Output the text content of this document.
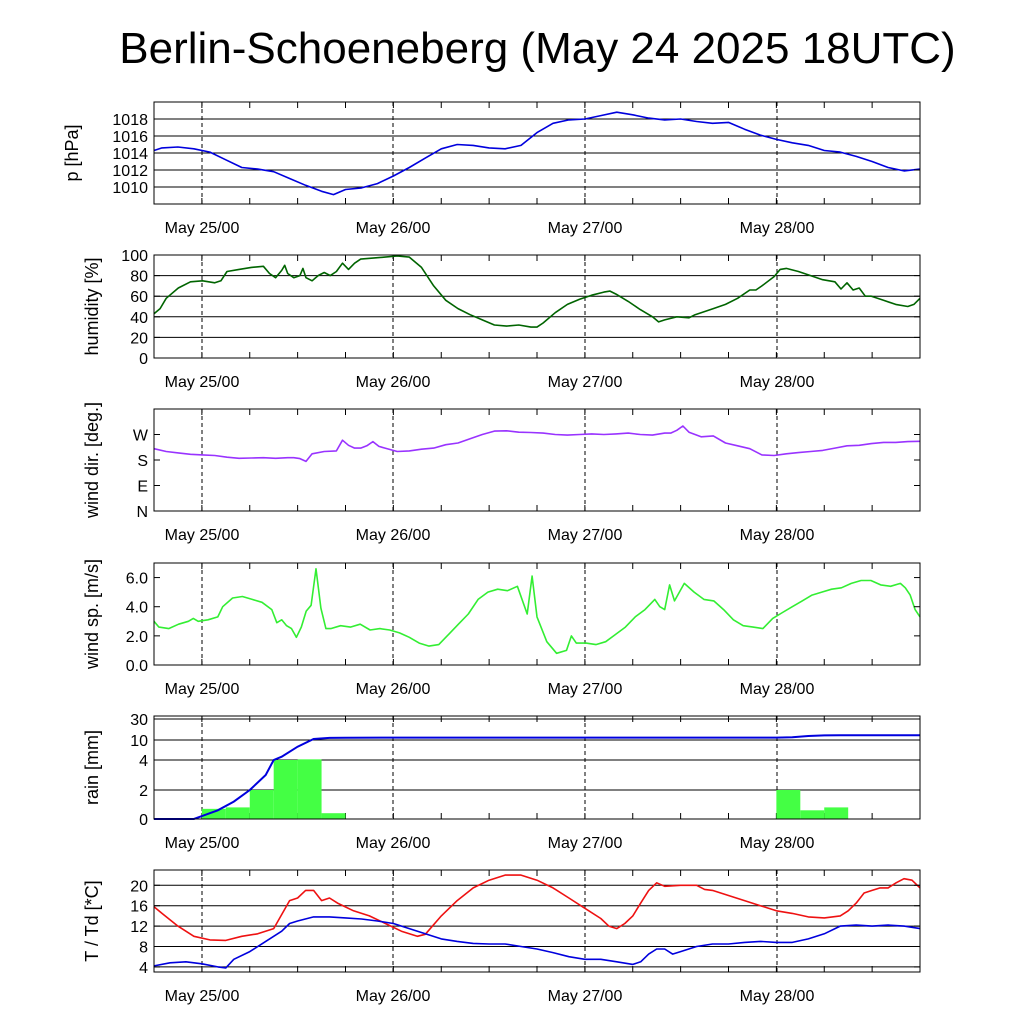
Berlin-Schoeneberg (May 24 2025 18UTC)
1010
1012
1014
1016
1018
p [hPa]
May 25/00	May 26/00	May 27/00	May 28/00
0
20
40
60
80
100
humidity [%]
May 25/00	May 26/00	May 27/00	May 28/00
N
E
S
W
wind dir. [deg.]
May 25/00	May 26/00	May 27/00	May 28/00
0.0
2.0
4.0
6.0
wind sp. [m/s]
May 25/00	May 26/00	May 27/00	May 28/00
0
2
4
10
30
rain [mm]
May 25/00	May 26/00	May 27/00	May 28/00
4
8
12
16
20
T / Td [*C]
May 25/00	May 26/00	May 27/00	May 28/00
